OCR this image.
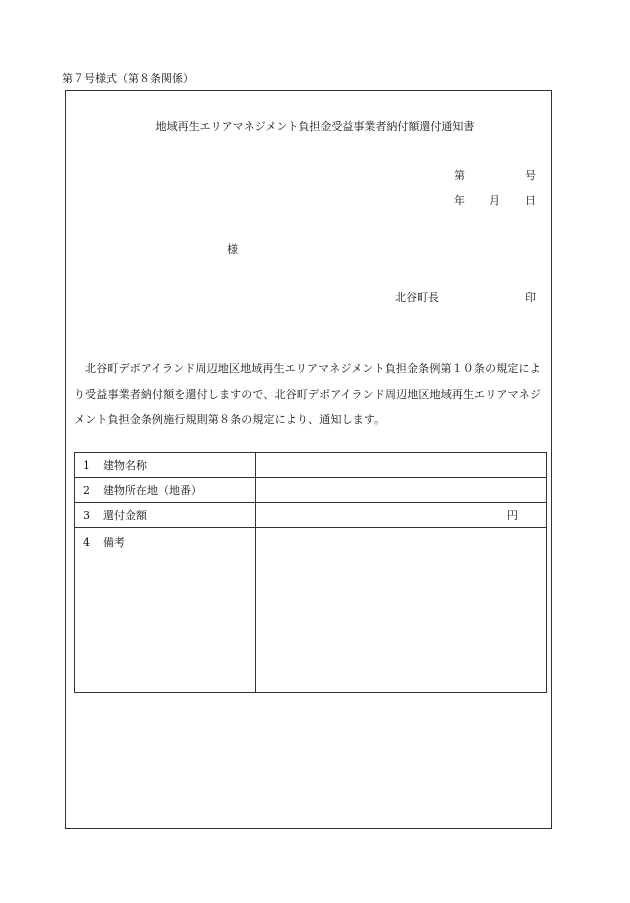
第７号様式（第８条関係）
地域再生エリアマネジメント負担金受益事業者納付額還付通知書
第	号
年 月 日
様
北谷町長	印
北谷町デポアイランド周辺地区地域再生エリアマネジメント負担金条例第１０条の規定により受益事業者納付額を還付しますので、北谷町デポアイランド周辺地区地域再生エリアマネジメント負担金条例施行規則第８条の規定により、通知します。
1 建物名称	
2 建物所在地（地番）	
3 還付金額	円

4 備考	
